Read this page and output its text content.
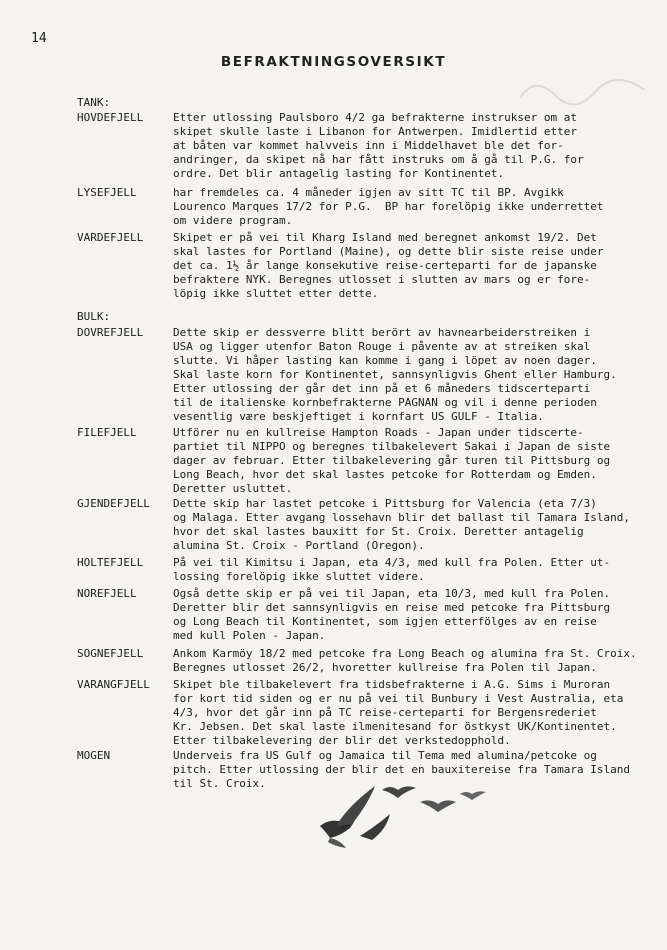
14
BEFRAKTNINGSOVERSIKT
TANK:
HOVDEFJELL	Etter utlossing Paulsboro 4/2 ga befrakterne instrukser om at
skipet skulle laste i Libanon for Antwerpen. Imidlertid etter
at båten var kommet halvveis inn i Middelhavet ble det for-
andringer, da skipet nå har fått instruks om å gå til P.G. for
ordre. Det blir antagelig lasting for Kontinentet.
LYSEFJELL	har fremdeles ca. 4 måneder igjen av sitt TC til BP. Avgikk
Lourenco Marques 17/2 for P.G.  BP har forelöpig ikke underrettet
om videre program.
VARDEFJELL	Skipet er på vei til Kharg Island med beregnet ankomst 19/2. Det
skal lastes for Portland (Maine), og dette blir siste reise under
det ca. 1½ år lange konsekutive reise-certeparti for de japanske
befraktere NYK. Beregnes utlosset i slutten av mars og er fore-
löpig ikke sluttet etter dette.
BULK:
DOVREFJELL	Dette skip er dessverre blitt berört av havnearbeiderstreiken i
USA og ligger utenfor Baton Rouge i påvente av at streiken skal
slutte. Vi håper lasting kan komme i gang i löpet av noen dager.
Skal laste korn for Kontinentet, sannsynligvis Ghent eller Hamburg.
Etter utlossing der går det inn på et 6 måneders tidscerteparti
til de italienske kornbefrakterne PAGNAN og vil i denne perioden
vesentlig være beskjeftiget i kornfart US GULF - Italia.
FILEFJELL	Utförer nu en kullreise Hampton Roads - Japan under tidscerte-
partiet til NIPPO og beregnes tilbakelevert Sakai i Japan de siste
dager av februar. Etter tilbakelevering går turen til Pittsburg og
Long Beach, hvor det skal lastes petcoke for Rotterdam og Emden.
Deretter usluttet.
GJENDEFJELL	Dette skip har lastet petcoke i Pittsburg for Valencia (eta 7/3)
og Malaga. Etter avgang lossehavn blir det ballast til Tamara Island,
hvor det skal lastes bauxitt for St. Croix. Deretter antagelig
alumina St. Croix - Portland (Oregon).
HOLTEFJELL	På vei til Kimitsu i Japan, eta 4/3, med kull fra Polen. Etter ut-
lossing forelöpig ikke sluttet videre.
NOREFJELL	Også dette skip er på vei til Japan, eta 10/3, med kull fra Polen.
Deretter blir det sannsynligvis en reise med petcoke fra Pittsburg
og Long Beach til Kontinentet, som igjen etterfölges av en reise
med kull Polen - Japan.
SOGNEFJELL	Ankom Karmöy 18/2 med petcoke fra Long Beach og alumina fra St. Croix.
Beregnes utlosset 26/2, hvoretter kullreise fra Polen til Japan.
VARANGFJELL	Skipet ble tilbakelevert fra tidsbefrakterne i A.G. Sims i Muroran
for kort tid siden og er nu på vei til Bunbury i Vest Australia, eta
4/3, hvor det går inn på TC reise-certeparti for Bergensrederiet
Kr. Jebsen. Det skal laste ilmenitesand for östkyst UK/Kontinentet.
Etter tilbakelevering der blir det verkstedopphold.
MOGEN	Underveis fra US Gulf og Jamaica til Tema med alumina/petcoke og
pitch. Etter utlossing der blir det en bauxitereise fra Tamara Island
til St. Croix.
